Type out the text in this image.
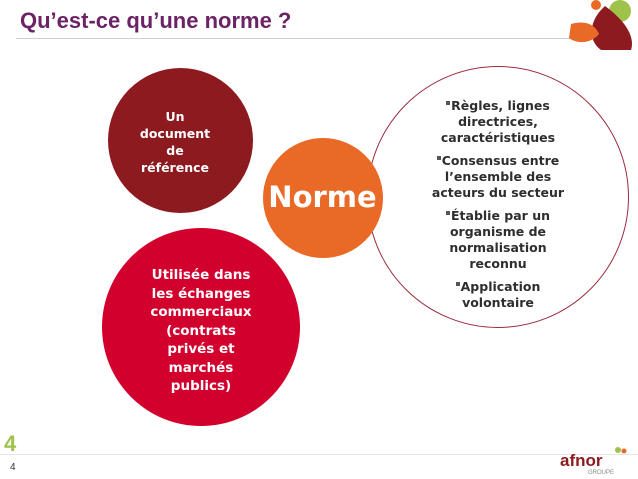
Qu’est-ce qu’une norme ?
Un
document
de
référence
Utilisée dans
les échanges
commerciaux
(contrats
privés et
marchés
publics)
Norme
Règles, lignes
directrices,
caractéristiques
Consensus entre
l’ensemble des
acteurs du secteur
Établie par un
organisme de
normalisation
reconnu
Application
volontaire
4
4	afnor
GROUPE
